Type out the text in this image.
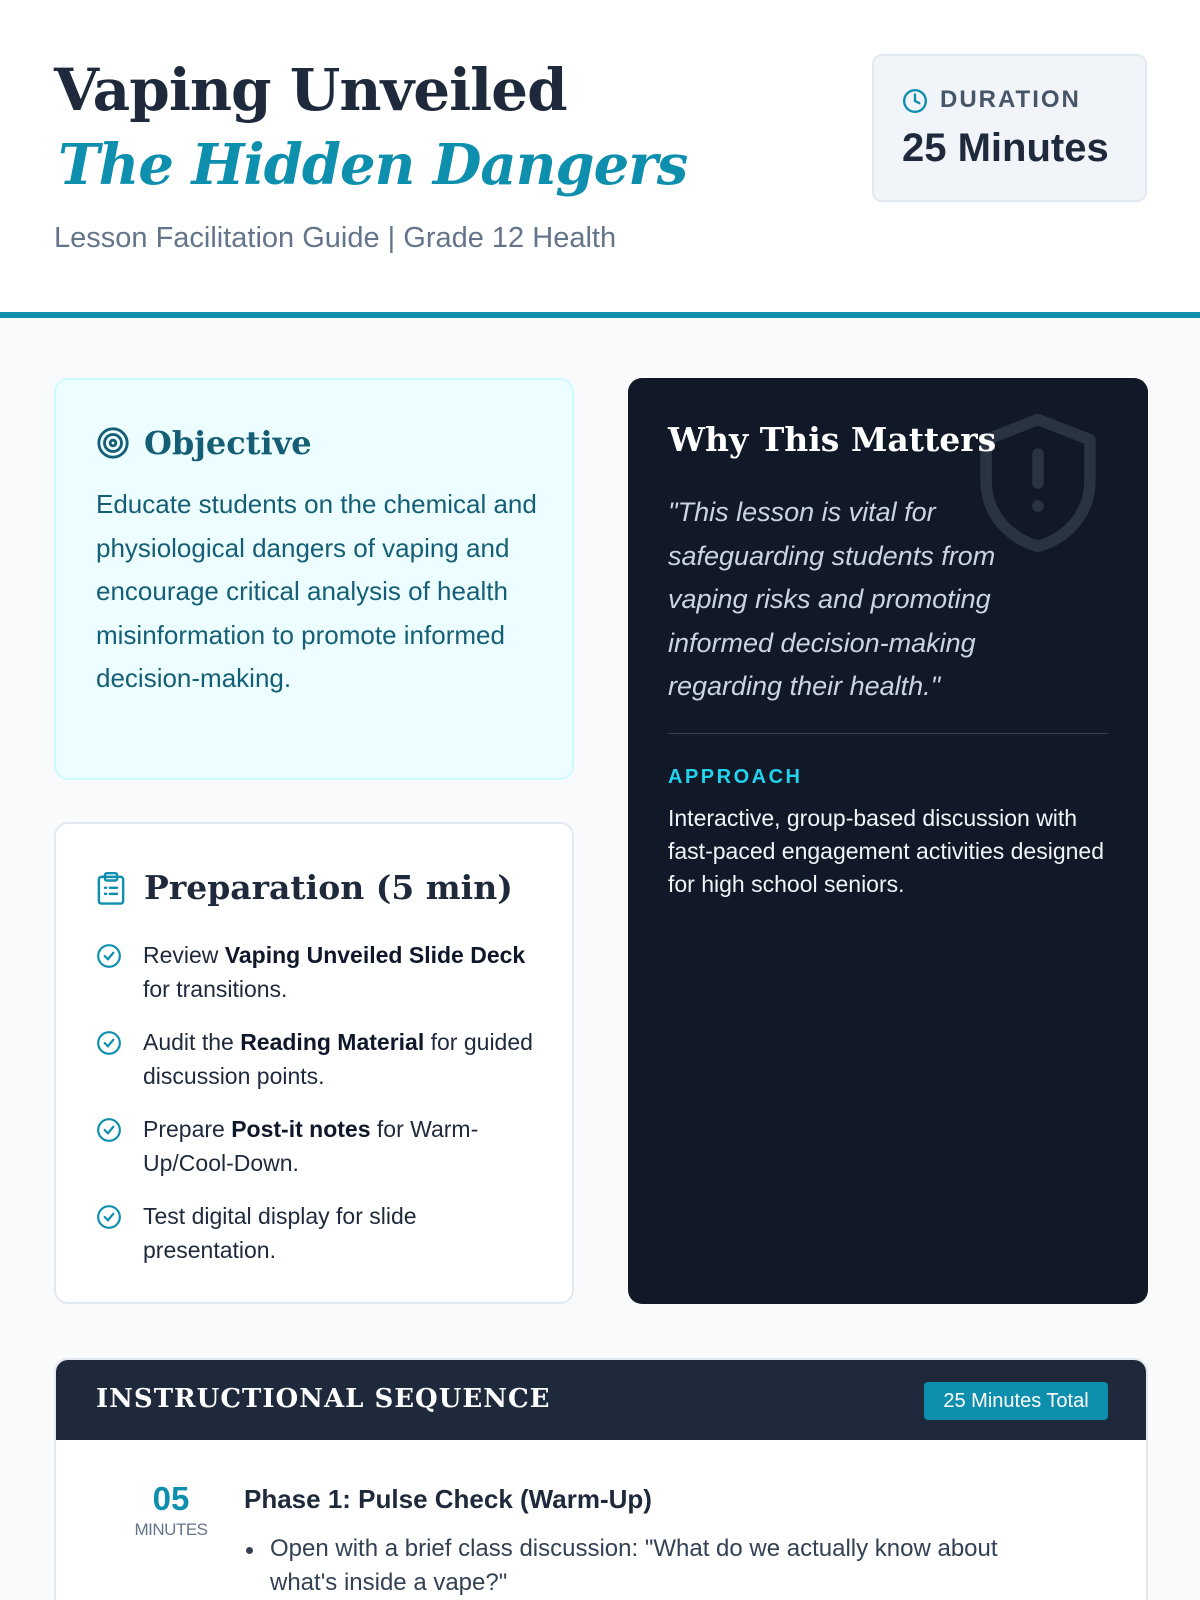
Vaping Unveiled
The Hidden Dangers
Lesson Facilitation Guide | Grade 12 Health
DURATION
25 Minutes
Objective
Educate students on the chemical and physiological dangers of vaping and encourage critical analysis of health misinformation to promote informed decision-making.
Preparation (5 min)
Review Vaping Unveiled Slide Deck for transitions.
Audit the Reading Material for guided discussion points.
Prepare Post-it notes for Warm-Up/Cool-Down.
Test digital display for slide presentation.
Why This Matters
"This lesson is vital for safeguarding students from vaping risks and promoting informed decision-making regarding their health."
APPROACH
Interactive, group-based discussion with fast-paced engagement activities designed for high school seniors.
INSTRUCTIONAL SEQUENCE	25 Minutes Total
05
MINUTES
Phase 1: Pulse Check (Warm-Up)
Open with a brief class discussion: "What do we actually know about what's inside a vape?"
